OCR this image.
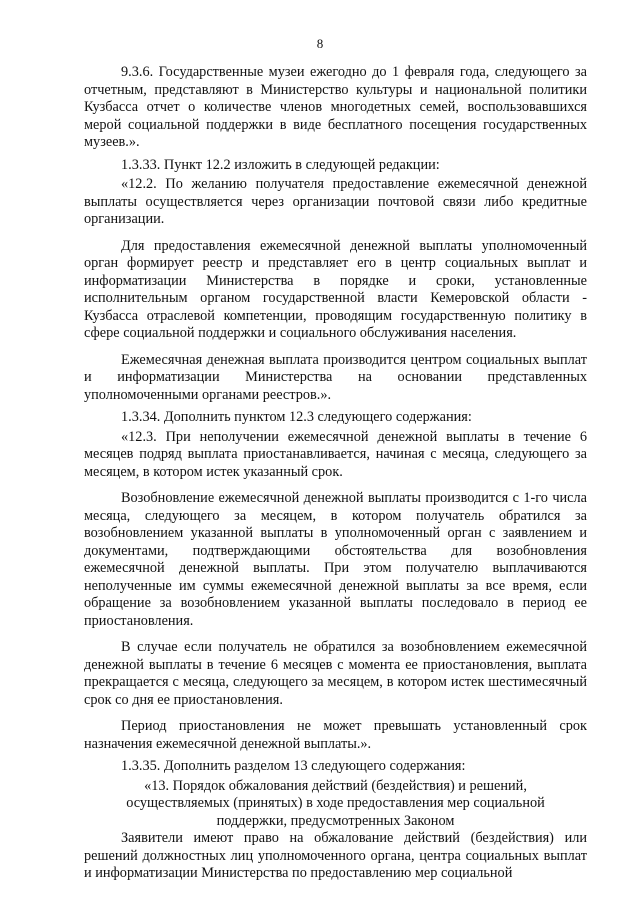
8

9.3.6. Государственные музеи ежегодно до 1 февраля года, следующего за отчетным, представляют в Министерство культуры и национальной политики Кузбасса отчет о количестве членов многодетных семей, воспользовавшихся мерой социальной поддержки в виде бесплатного посещения государственных музеев.».

1.3.33. Пункт 12.2 изложить в следующей редакции:

«12.2. По желанию получателя предоставление ежемесячной денежной выплаты осуществляется через организации почтовой связи либо кредитные организации.

Для предоставления ежемесячной денежной выплаты уполномоченный орган формирует реестр и представляет его в центр социальных выплат и информатизации Министерства в порядке и сроки, установленные исполнительным органом государственной власти Кемеровской области - Кузбасса отраслевой компетенции, проводящим государственную политику в сфере социальной поддержки и социального обслуживания населения.

Ежемесячная денежная выплата производится центром социальных выплат и информатизации Министерства на основании представленных уполномоченными органами реестров.».

1.3.34. Дополнить пунктом 12.3 следующего содержания:

«12.3. При неполучении ежемесячной денежной выплаты в течение 6 месяцев подряд выплата приостанавливается, начиная с месяца, следующего за месяцем, в котором истек указанный срок.

Возобновление ежемесячной денежной выплаты производится с 1-го числа месяца, следующего за месяцем, в котором получатель обратился за возобновлением указанной выплаты в уполномоченный орган с заявлением и документами, подтверждающими обстоятельства для возобновления ежемесячной денежной выплаты. При этом получателю выплачиваются неполученные им суммы ежемесячной денежной выплаты за все время, если обращение за возобновлением указанной выплаты последовало в период ее приостановления.

В случае если получатель не обратился за возобновлением ежемесячной денежной выплаты в течение 6 месяцев с момента ее приостановления, выплата прекращается с месяца, следующего за месяцем, в котором истек шестимесячный срок со дня ее приостановления.

Период приостановления не может превышать установленный срок назначения ежемесячной денежной выплаты.».

1.3.35. Дополнить разделом 13 следующего содержания:

«13. Порядок обжалования действий (бездействия) и решений,
осуществляемых (принятых) в ходе предоставления мер социальной
поддержки, предусмотренных Законом

Заявители имеют право на обжалование действий (бездействия) или решений должностных лиц уполномоченного органа, центра социальных выплат и информатизации Министерства по предоставлению мер социальной
